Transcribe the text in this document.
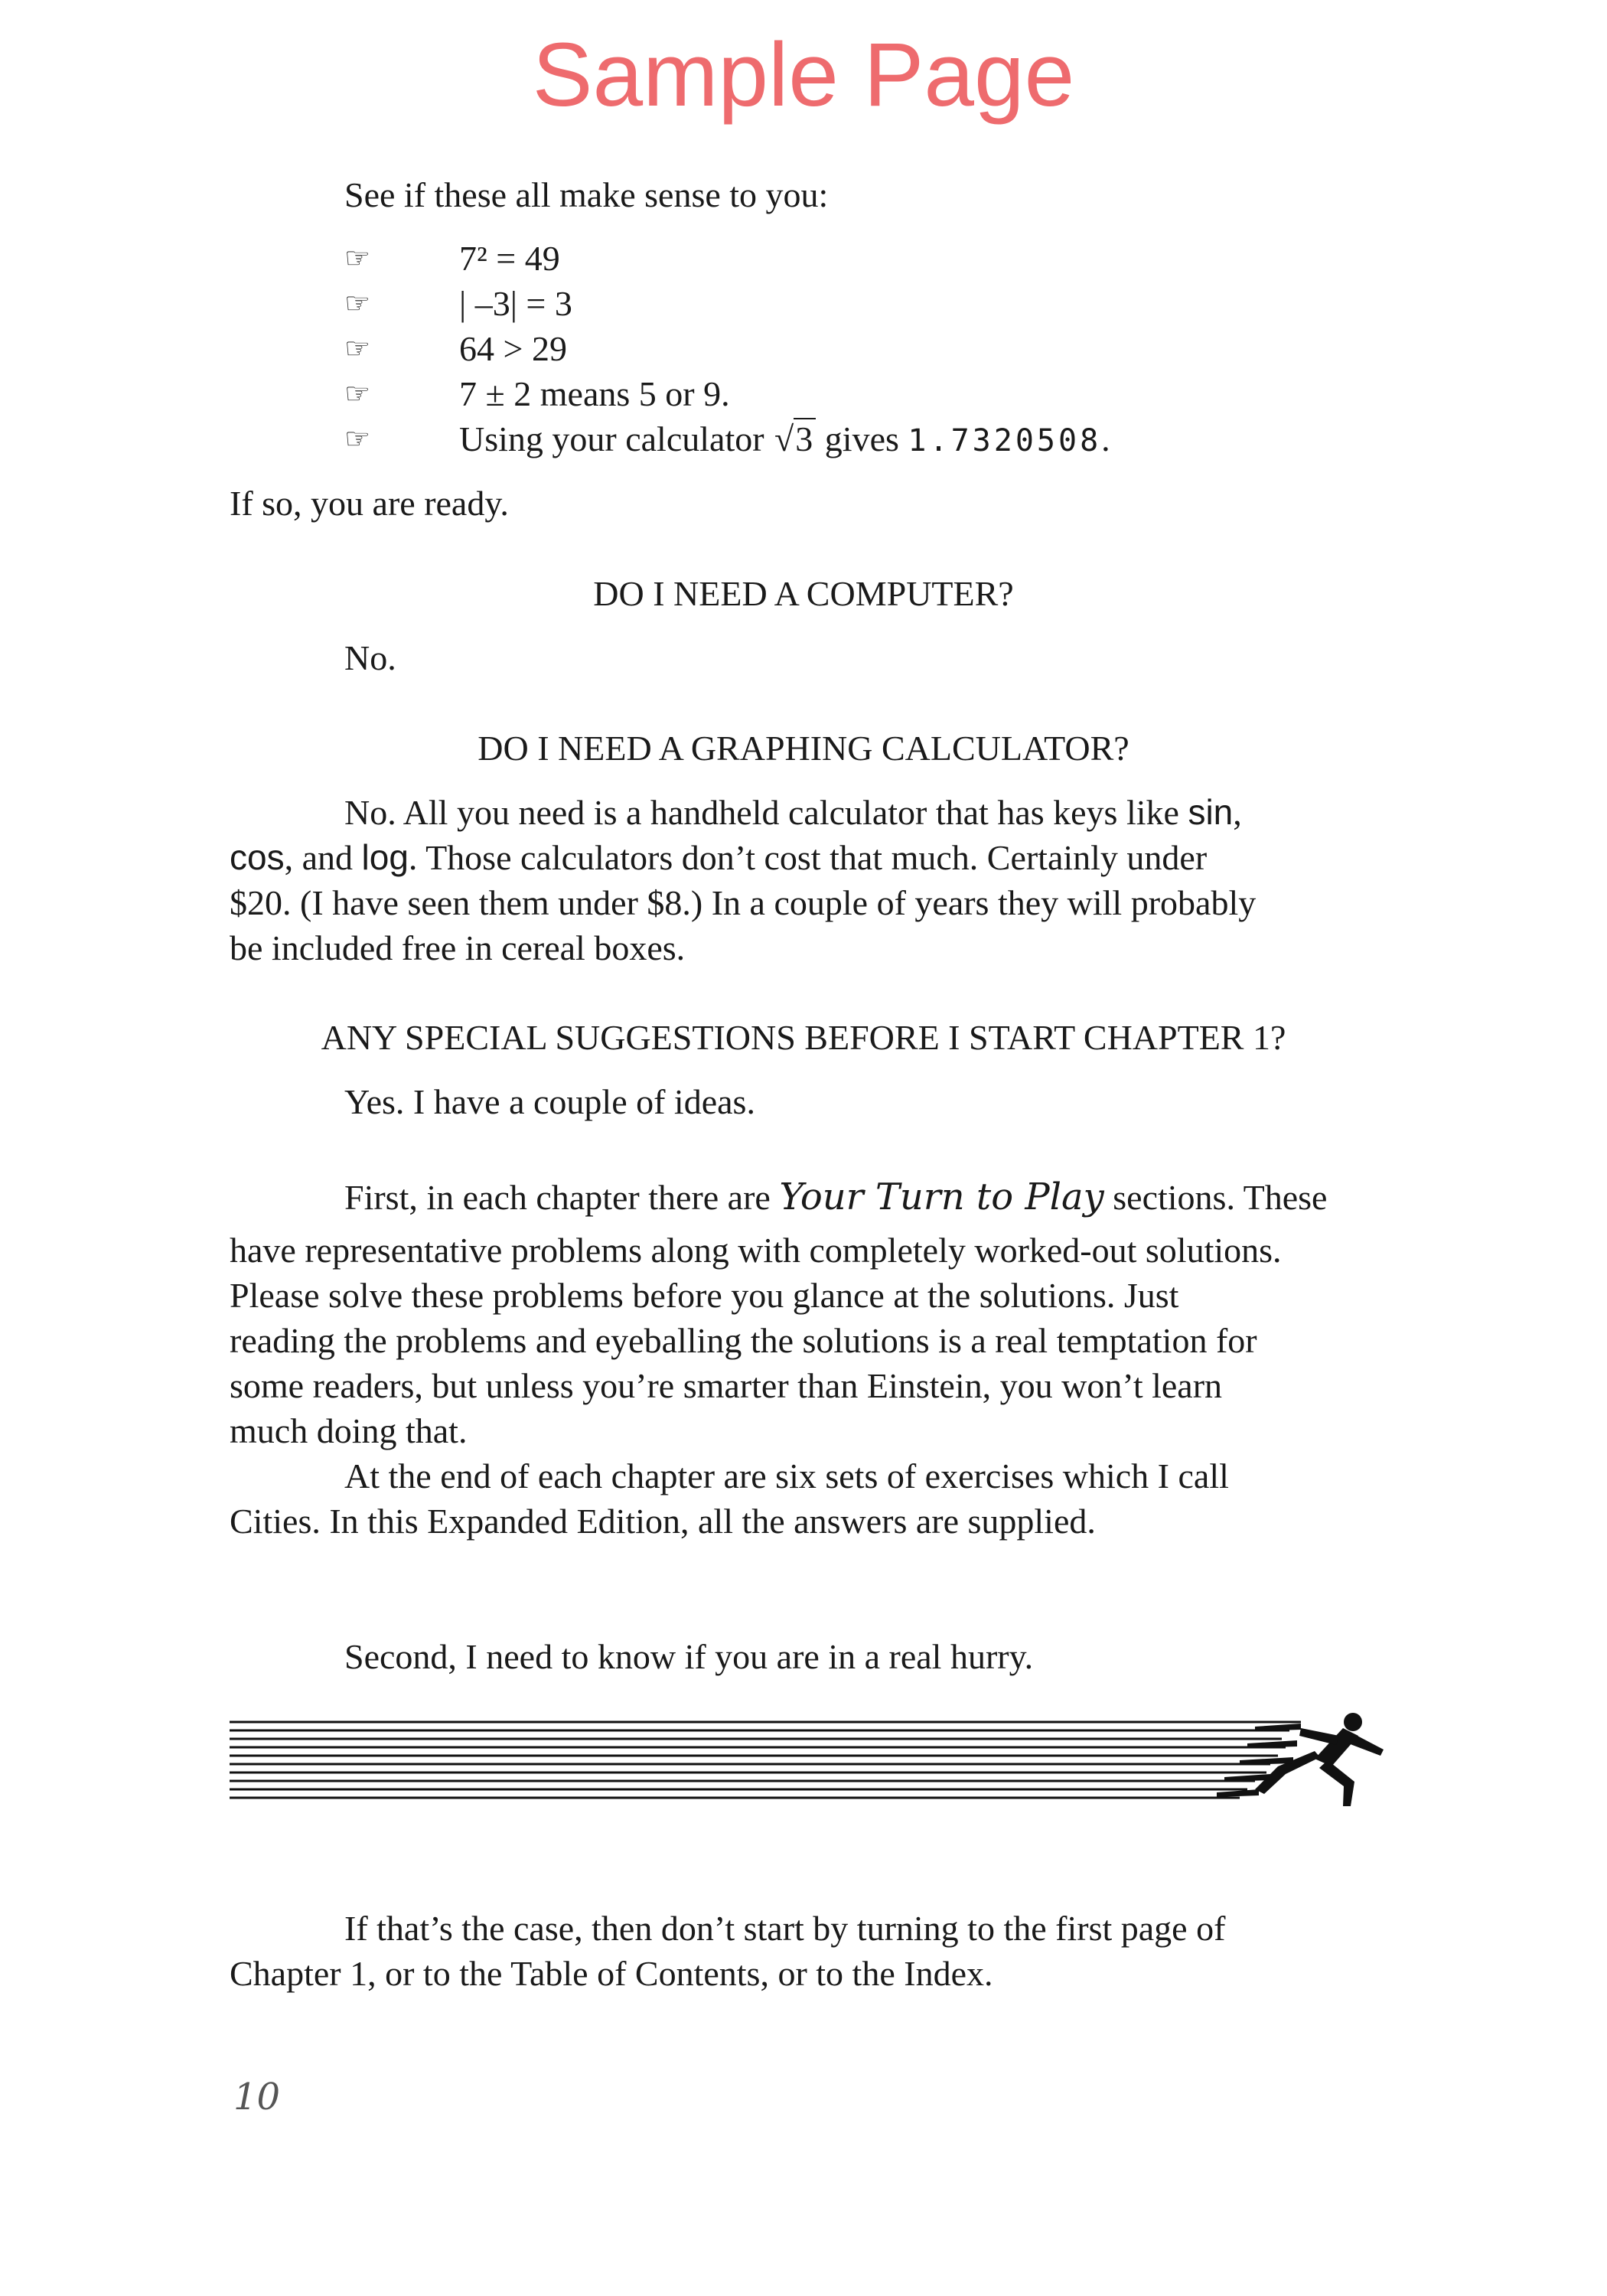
Sample Page
See if these all make sense to you:
☞	7² = 49
☞	| –3| = 3
☞	64 > 29
☞	7 ± 2 means 5 or 9.
☞	Using your calculator √3 gives 1.7320508.
If so, you are ready.
DO I NEED A COMPUTER?
No.
DO I NEED A GRAPHING CALCULATOR?
No. All you need is a handheld calculator that has keys like sin,
cos, and log. Those calculators don’t cost that much. Certainly under
$20. (I have seen them under $8.) In a couple of years they will probably
be included free in cereal boxes.
ANY SPECIAL SUGGESTIONS BEFORE I START CHAPTER 1?
Yes. I have a couple of ideas.
First, in each chapter there are Your Turn to Play sections. These
have representative problems along with completely worked-out solutions.
Please solve these problems before you glance at the solutions. Just
reading the problems and eyeballing the solutions is a real temptation for
some readers, but unless you’re smarter than Einstein, you won’t learn
much doing that.
At the end of each chapter are six sets of exercises which I call
Cities. In this Expanded Edition, all the answers are supplied.
Second, I need to know if you are in a real hurry.
If that’s the case, then don’t start by turning to the first page of
Chapter 1, or to the Table of Contents, or to the Index.
10
